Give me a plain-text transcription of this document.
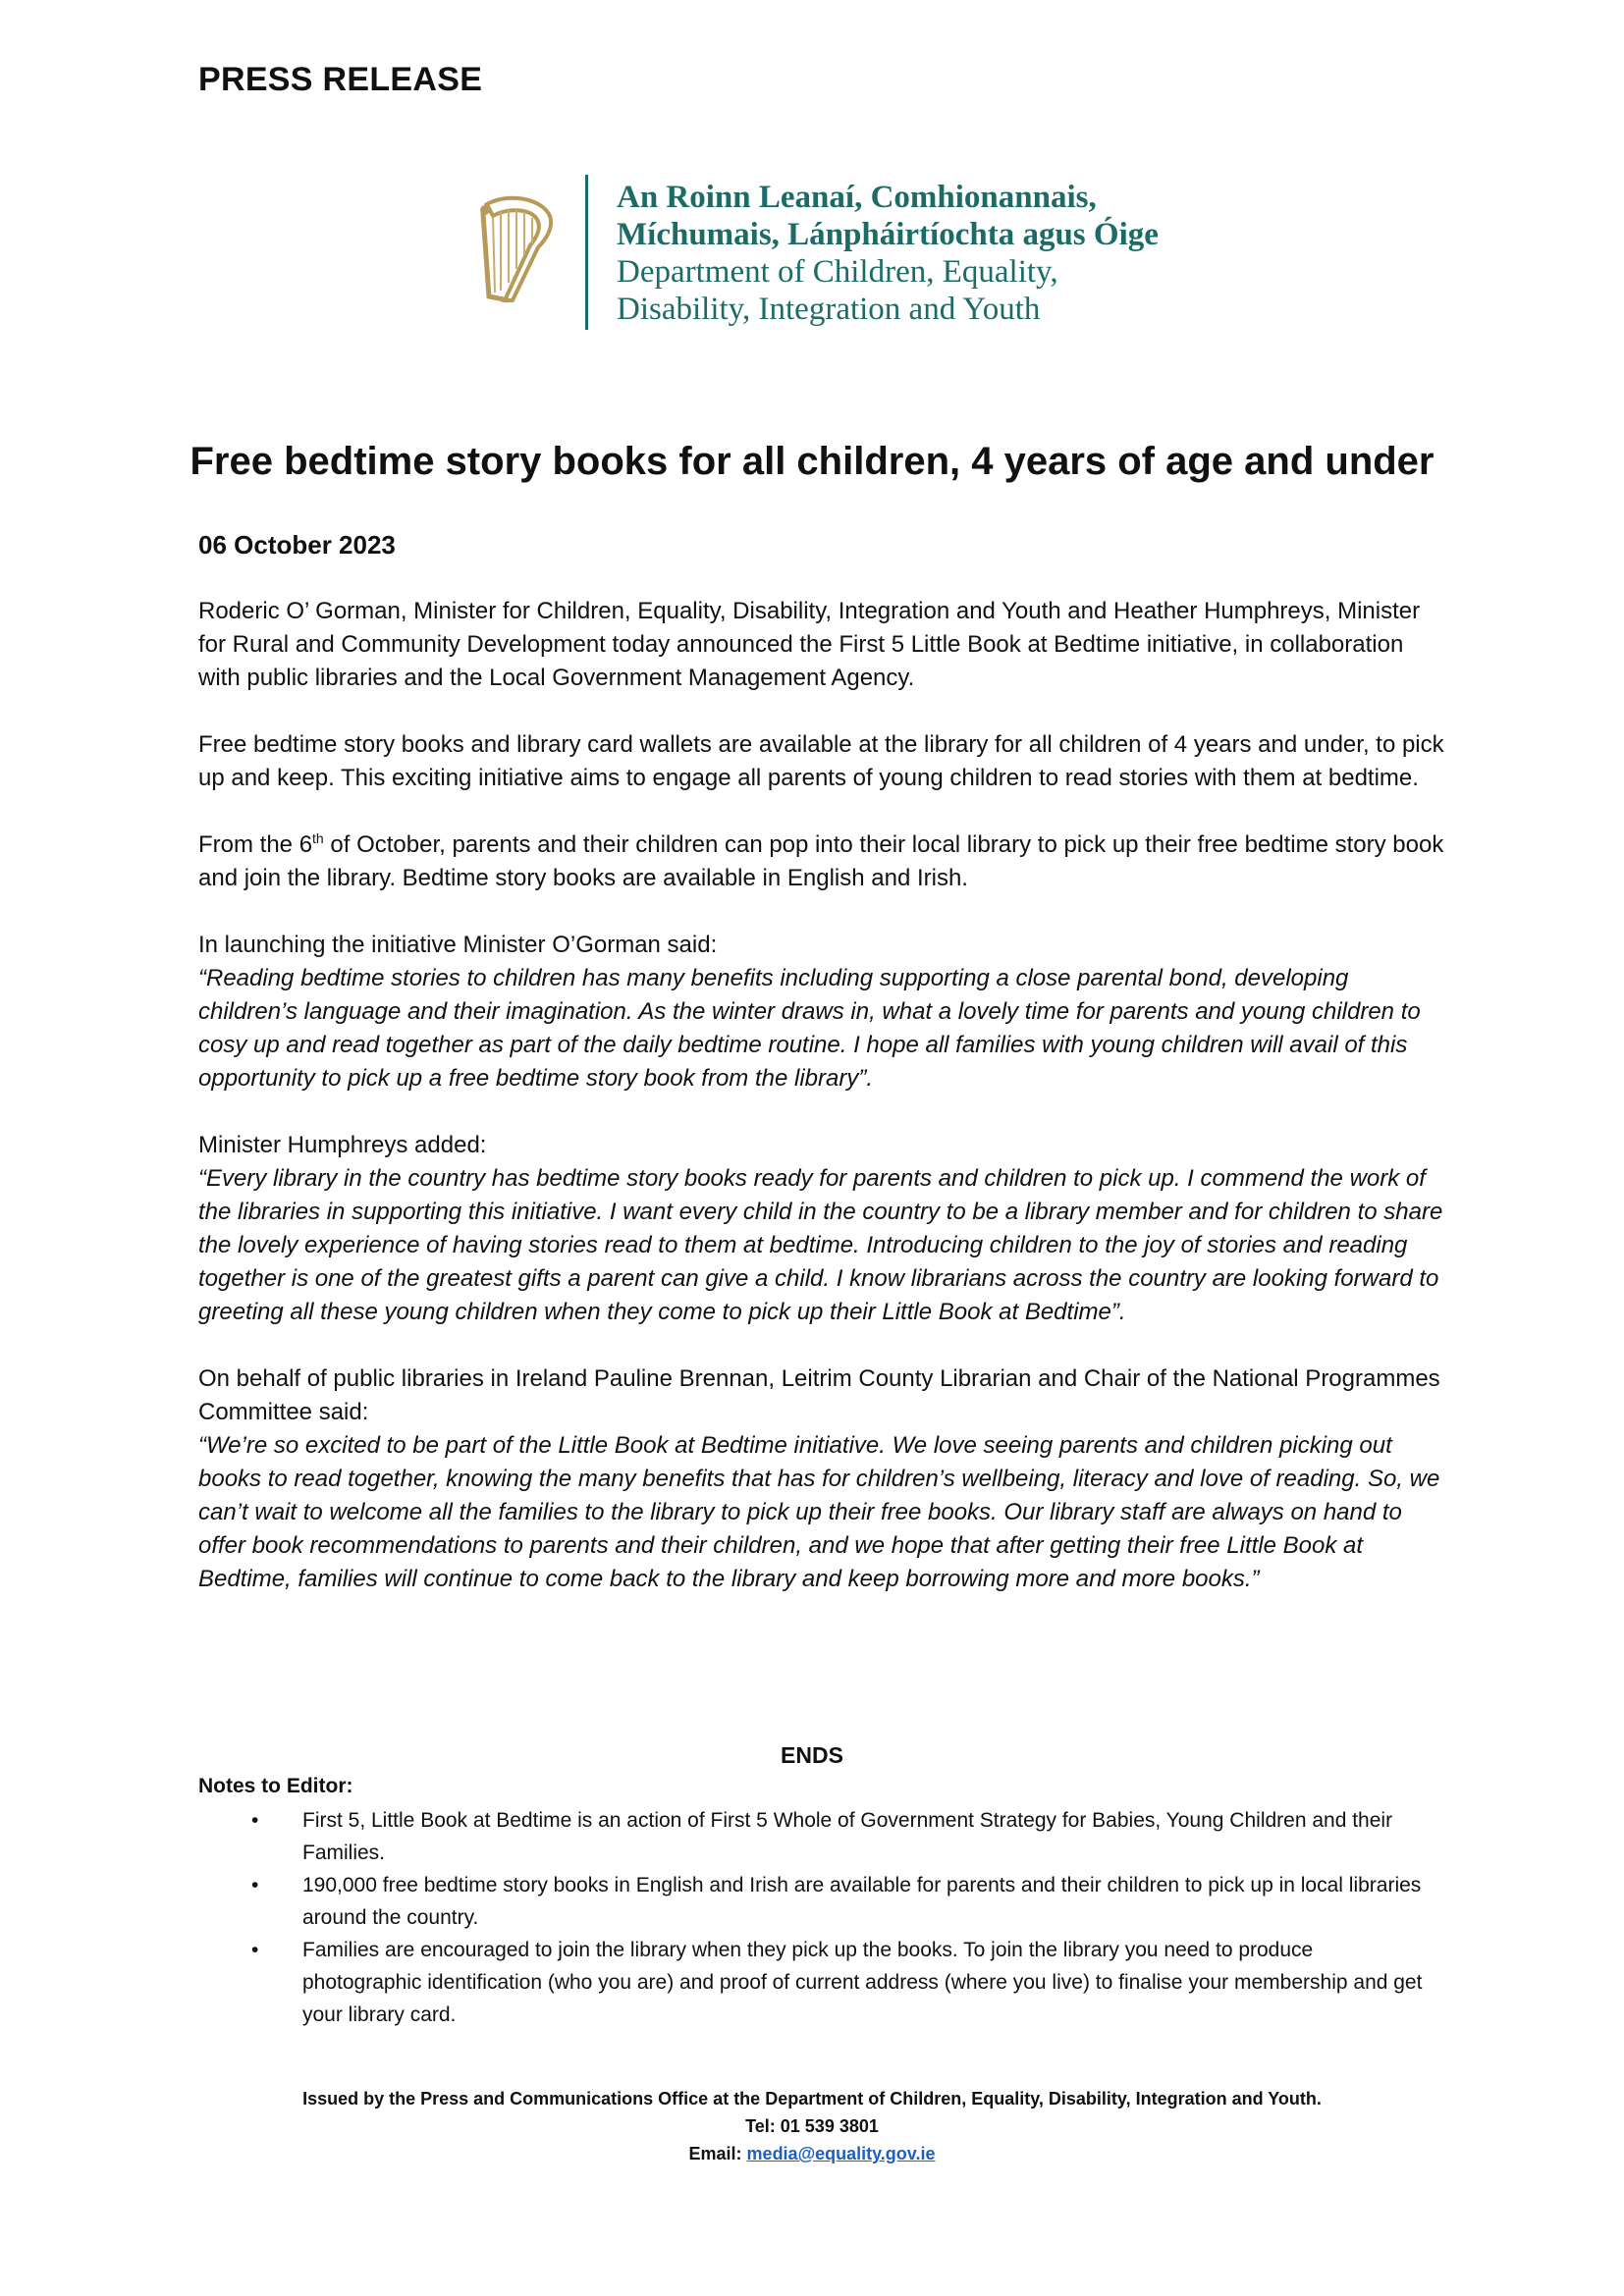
PRESS RELEASE
An Roinn Leanaí, Comhionannais,
Míchumais, Lánpháirtíochta agus Óige
Department of Children, Equality,
Disability, Integration and Youth
Free bedtime story books for all children, 4 years of age and under
06 October 2023

Roderic O’ Gorman, Minister for Children, Equality, Disability, Integration and Youth and Heather Humphreys, Minister for Rural and Community Development today announced the First 5 Little Book at Bedtime initiative, in collaboration with public libraries and the Local Government Management Agency.

Free bedtime story books and library card wallets are available at the library for all children of 4 years and under, to pick up and keep. This exciting initiative aims to engage all parents of young children to read stories with them at bedtime.

From the 6th of October, parents and their children can pop into their local library to pick up their free bedtime story book and join the library. Bedtime story books are available in English and Irish.

In launching the initiative Minister O’Gorman said:
“Reading bedtime stories to children has many benefits including supporting a close parental bond, developing children’s language and their imagination. As the winter draws in, what a lovely time for parents and young children to cosy up and read together as part of the daily bedtime routine. I hope all families with young children will avail of this opportunity to pick up a free bedtime story book from the library”.

Minister Humphreys added:
“Every library in the country has bedtime story books ready for parents and children to pick up. I commend the work of the libraries in supporting this initiative. I want every child in the country to be a library member and for children to share the lovely experience of having stories read to them at bedtime. Introducing children to the joy of stories and reading together is one of the greatest gifts a parent can give a child. I know librarians across the country are looking forward to greeting all these young children when they come to pick up their Little Book at Bedtime”.

On behalf of public libraries in Ireland Pauline Brennan, Leitrim County Librarian and Chair of the National Programmes Committee said:
“We’re so excited to be part of the Little Book at Bedtime initiative. We love seeing parents and children picking out books to read together, knowing the many benefits that has for children’s wellbeing, literacy and love of reading. So, we can’t wait to welcome all the families to the library to pick up their free books. Our library staff are always on hand to offer book recommendations to parents and their children, and we hope that after getting their free Little Book at Bedtime, families will continue to come back to the library and keep borrowing more and more books.”

ENDS
Notes to Editor:
• First 5, Little Book at Bedtime is an action of First 5 Whole of Government Strategy for Babies, Young Children and their Families.
• 190,000 free bedtime story books in English and Irish are available for parents and their children to pick up in local libraries around the country.
• Families are encouraged to join the library when they pick up the books. To join the library you need to produce photographic identification (who you are) and proof of current address (where you live) to finalise your membership and get your library card.
Issued by the Press and Communications Office at the Department of Children, Equality, Disability, Integration and Youth.
Tel: 01 539 3801
Email: media@equality.gov.ie
